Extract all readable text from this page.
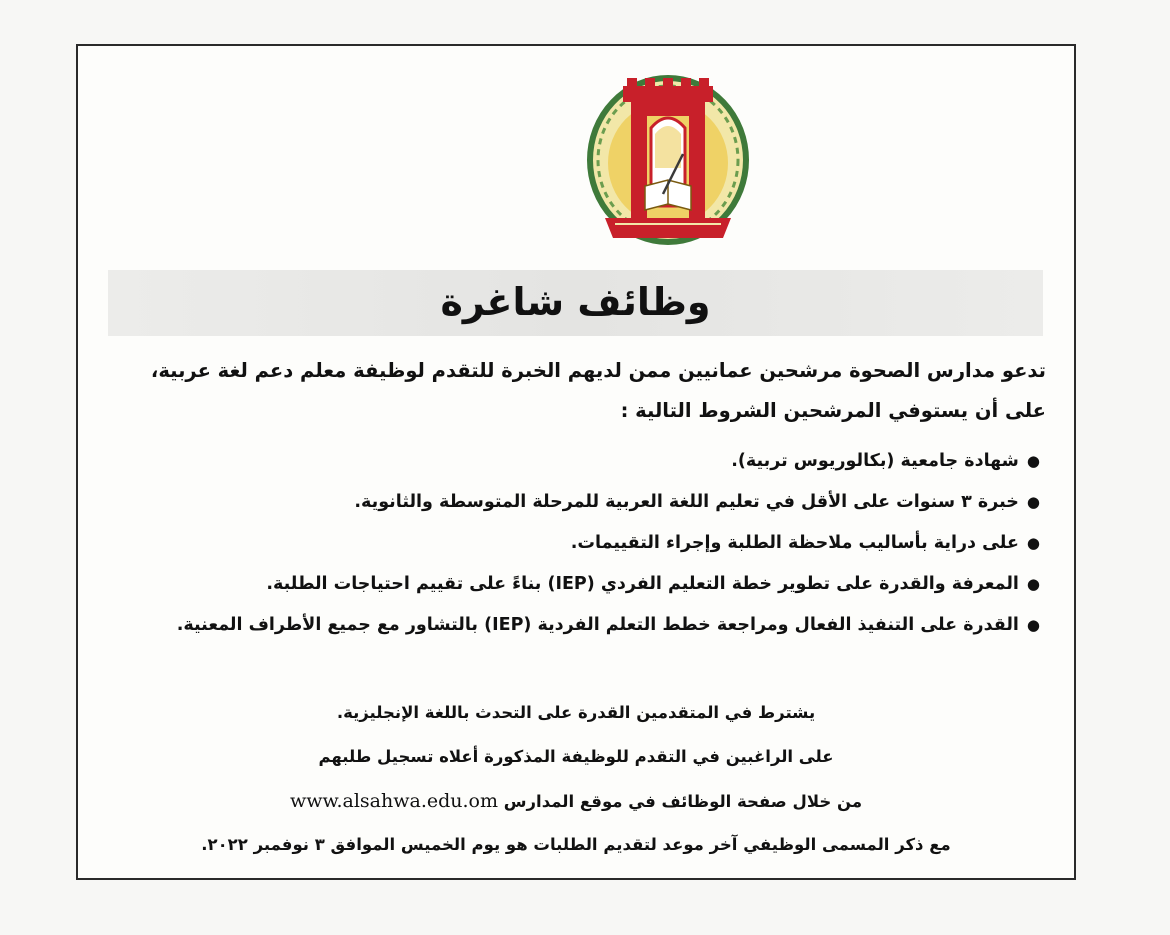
وظائف شاغرة
تدعو مدارس الصحوة مرشحين عمانيين ممن لديهم الخبرة للتقدم لوظيفة معلم دعم لغة عربية، على أن يستوفي المرشحين الشروط التالية :
●شهادة جامعية (بكالوريوس تربية).
●خبرة ٣ سنوات على الأقل في تعليم اللغة العربية للمرحلة المتوسطة والثانوية.
●على دراية بأساليب ملاحظة الطلبة وإجراء التقييمات.
●المعرفة والقدرة على تطوير خطة التعليم الفردي (IEP) بناءً على تقييم احتياجات الطلبة.
●القدرة على التنفيذ الفعال ومراجعة خطط التعلم الفردية (IEP) بالتشاور مع جميع الأطراف المعنية.
يشترط في المتقدمين القدرة على التحدث باللغة الإنجليزية.
على الراغبين في التقدم للوظيفة المذكورة أعلاه تسجيل طلبهم
من خلال صفحة الوظائف في موقع المدارس www.alsahwa.edu.om
مع ذكر المسمى الوظيفي آخر موعد لتقديم الطلبات هو يوم الخميس الموافق ٣ نوفمبر ٢٠٢٢.
